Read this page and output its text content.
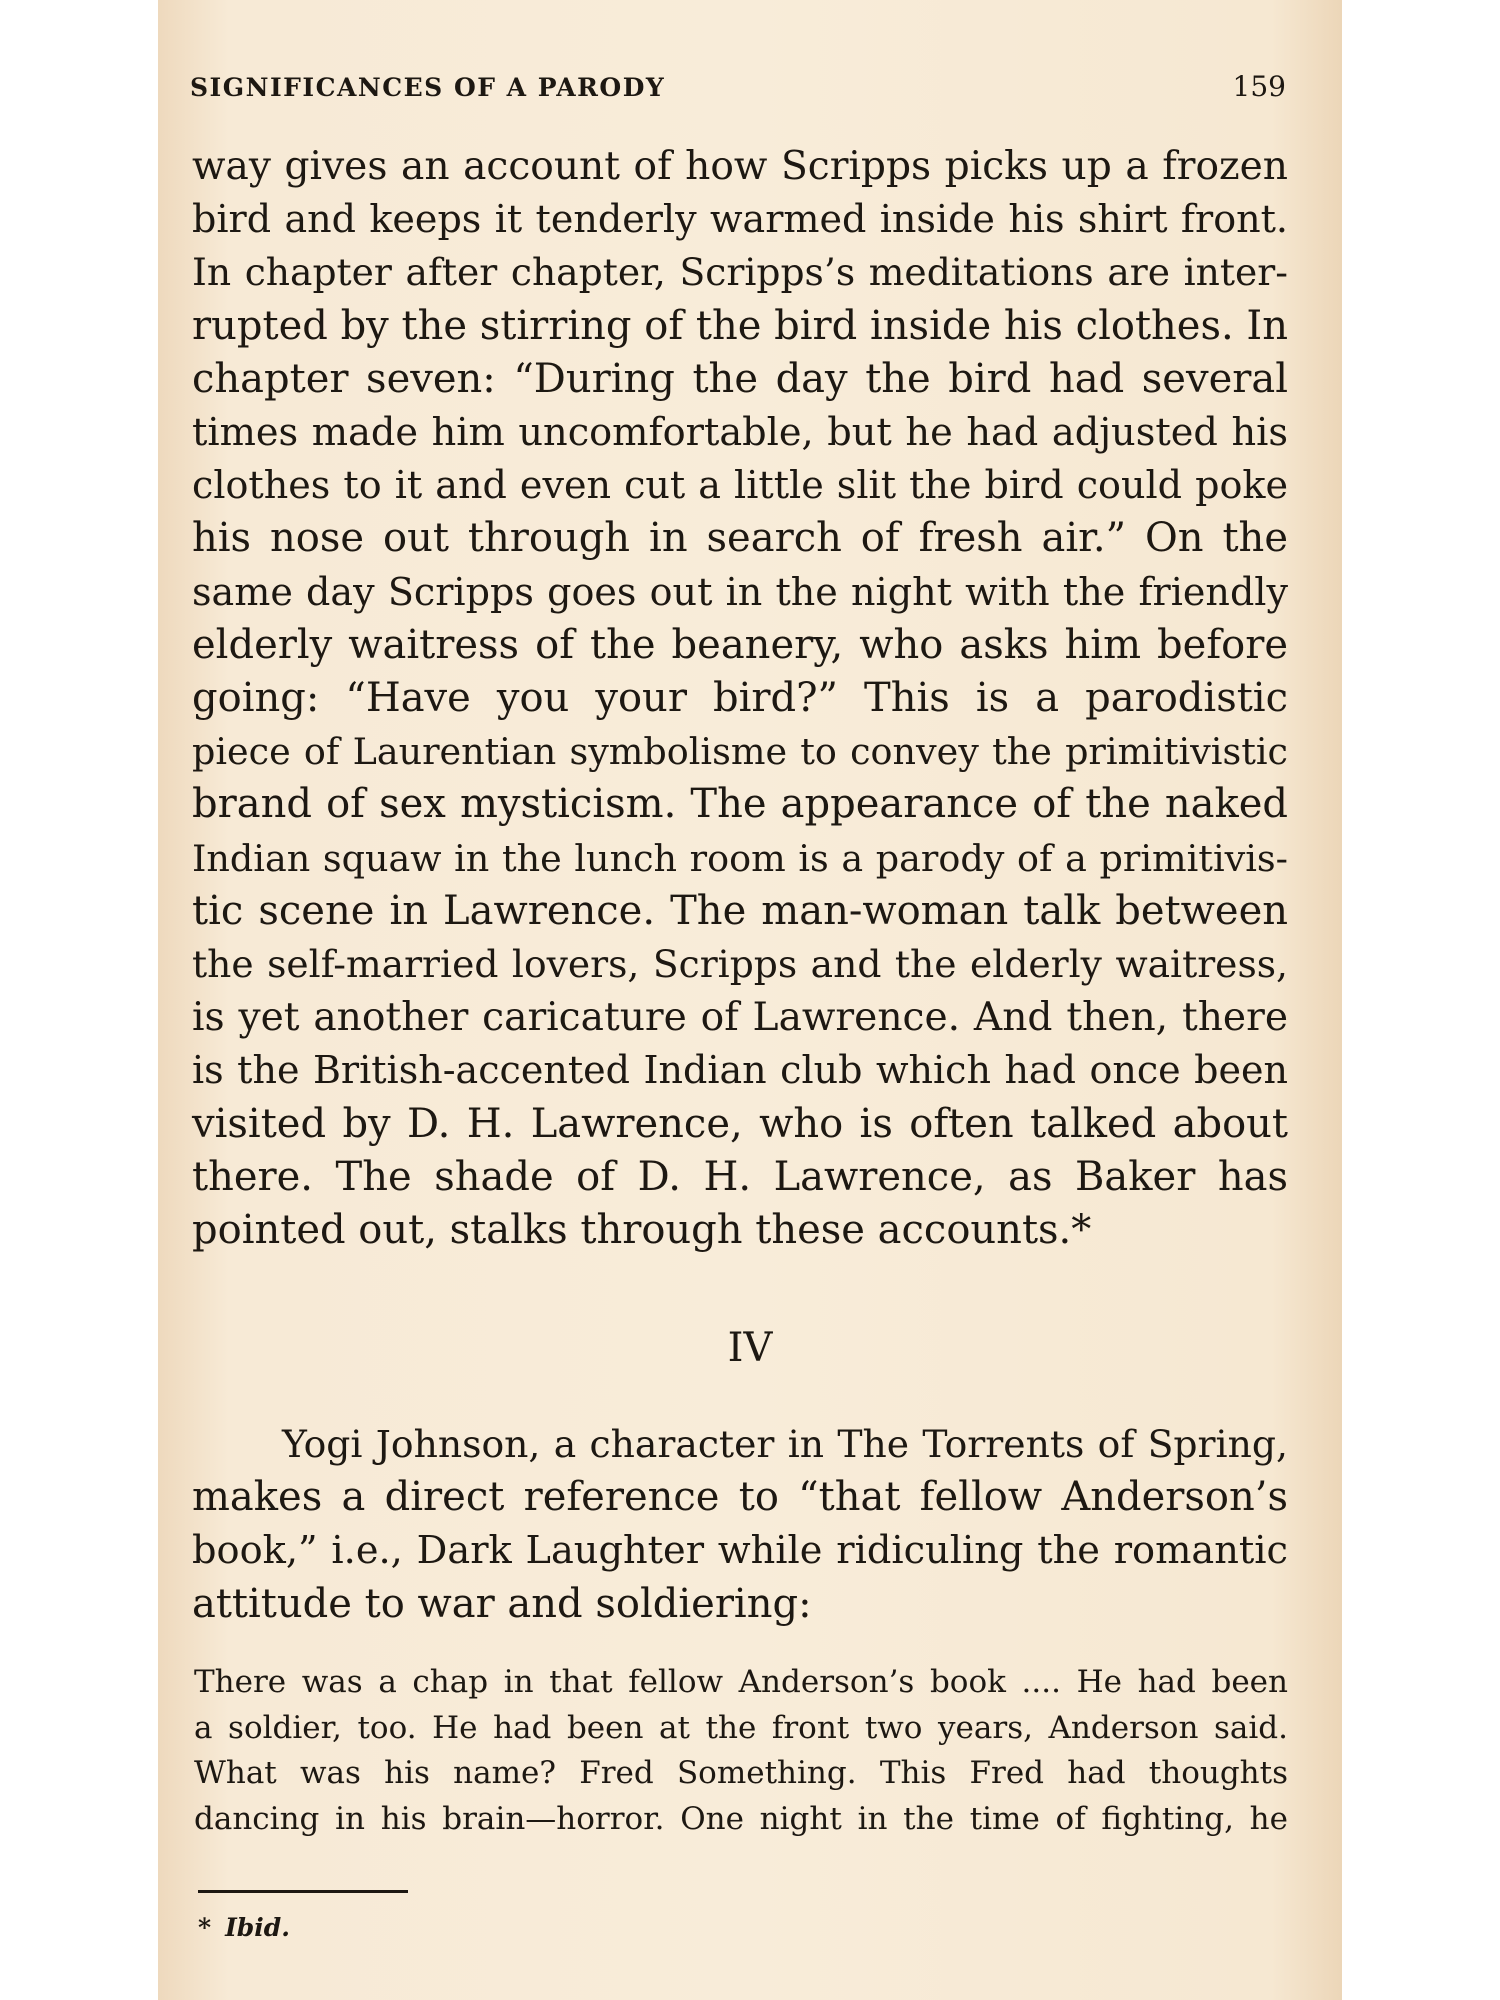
SIGNIFICANCES OF A PARODY	159
way gives an account of how Scripps picks up a frozen
bird and keeps it tenderly warmed inside his shirt front.
In chapter after chapter, Scripps’s meditations are inter-
rupted by the stirring of the bird inside his clothes. In
chapter seven: “During the day the bird had several
times made him uncomfortable, but he had adjusted his
clothes to it and even cut a little slit the bird could poke
his nose out through in search of fresh air.” On the
same day Scripps goes out in the night with the friendly
elderly waitress of the beanery, who asks him before
going: “Have you your bird?” This is a parodistic
piece of Laurentian symbolisme to convey the primitivistic
brand of sex mysticism. The appearance of the naked
Indian squaw in the lunch room is a parody of a primitivis-
tic scene in Lawrence. The man-woman talk between
the self-married lovers, Scripps and the elderly waitress,
is yet another caricature of Lawrence. And then, there
is the British-accented Indian club which had once been
visited by D. H. Lawrence, who is often talked about
there. The shade of D. H. Lawrence, as Baker has
pointed out, stalks through these accounts.*
IV
Yogi Johnson, a character in The Torrents of Spring,
makes a direct reference to “that fellow Anderson’s
book,” i.e., Dark Laughter while ridiculing the romantic
attitude to war and soldiering:
There was a chap in that fellow Anderson’s book .... He had been
a soldier, too. He had been at the front two years, Anderson said.
What was his name? Fred Something. This Fred had thoughts
dancing in his brain—horror. One night in the time of fighting, he
* Ibid.
